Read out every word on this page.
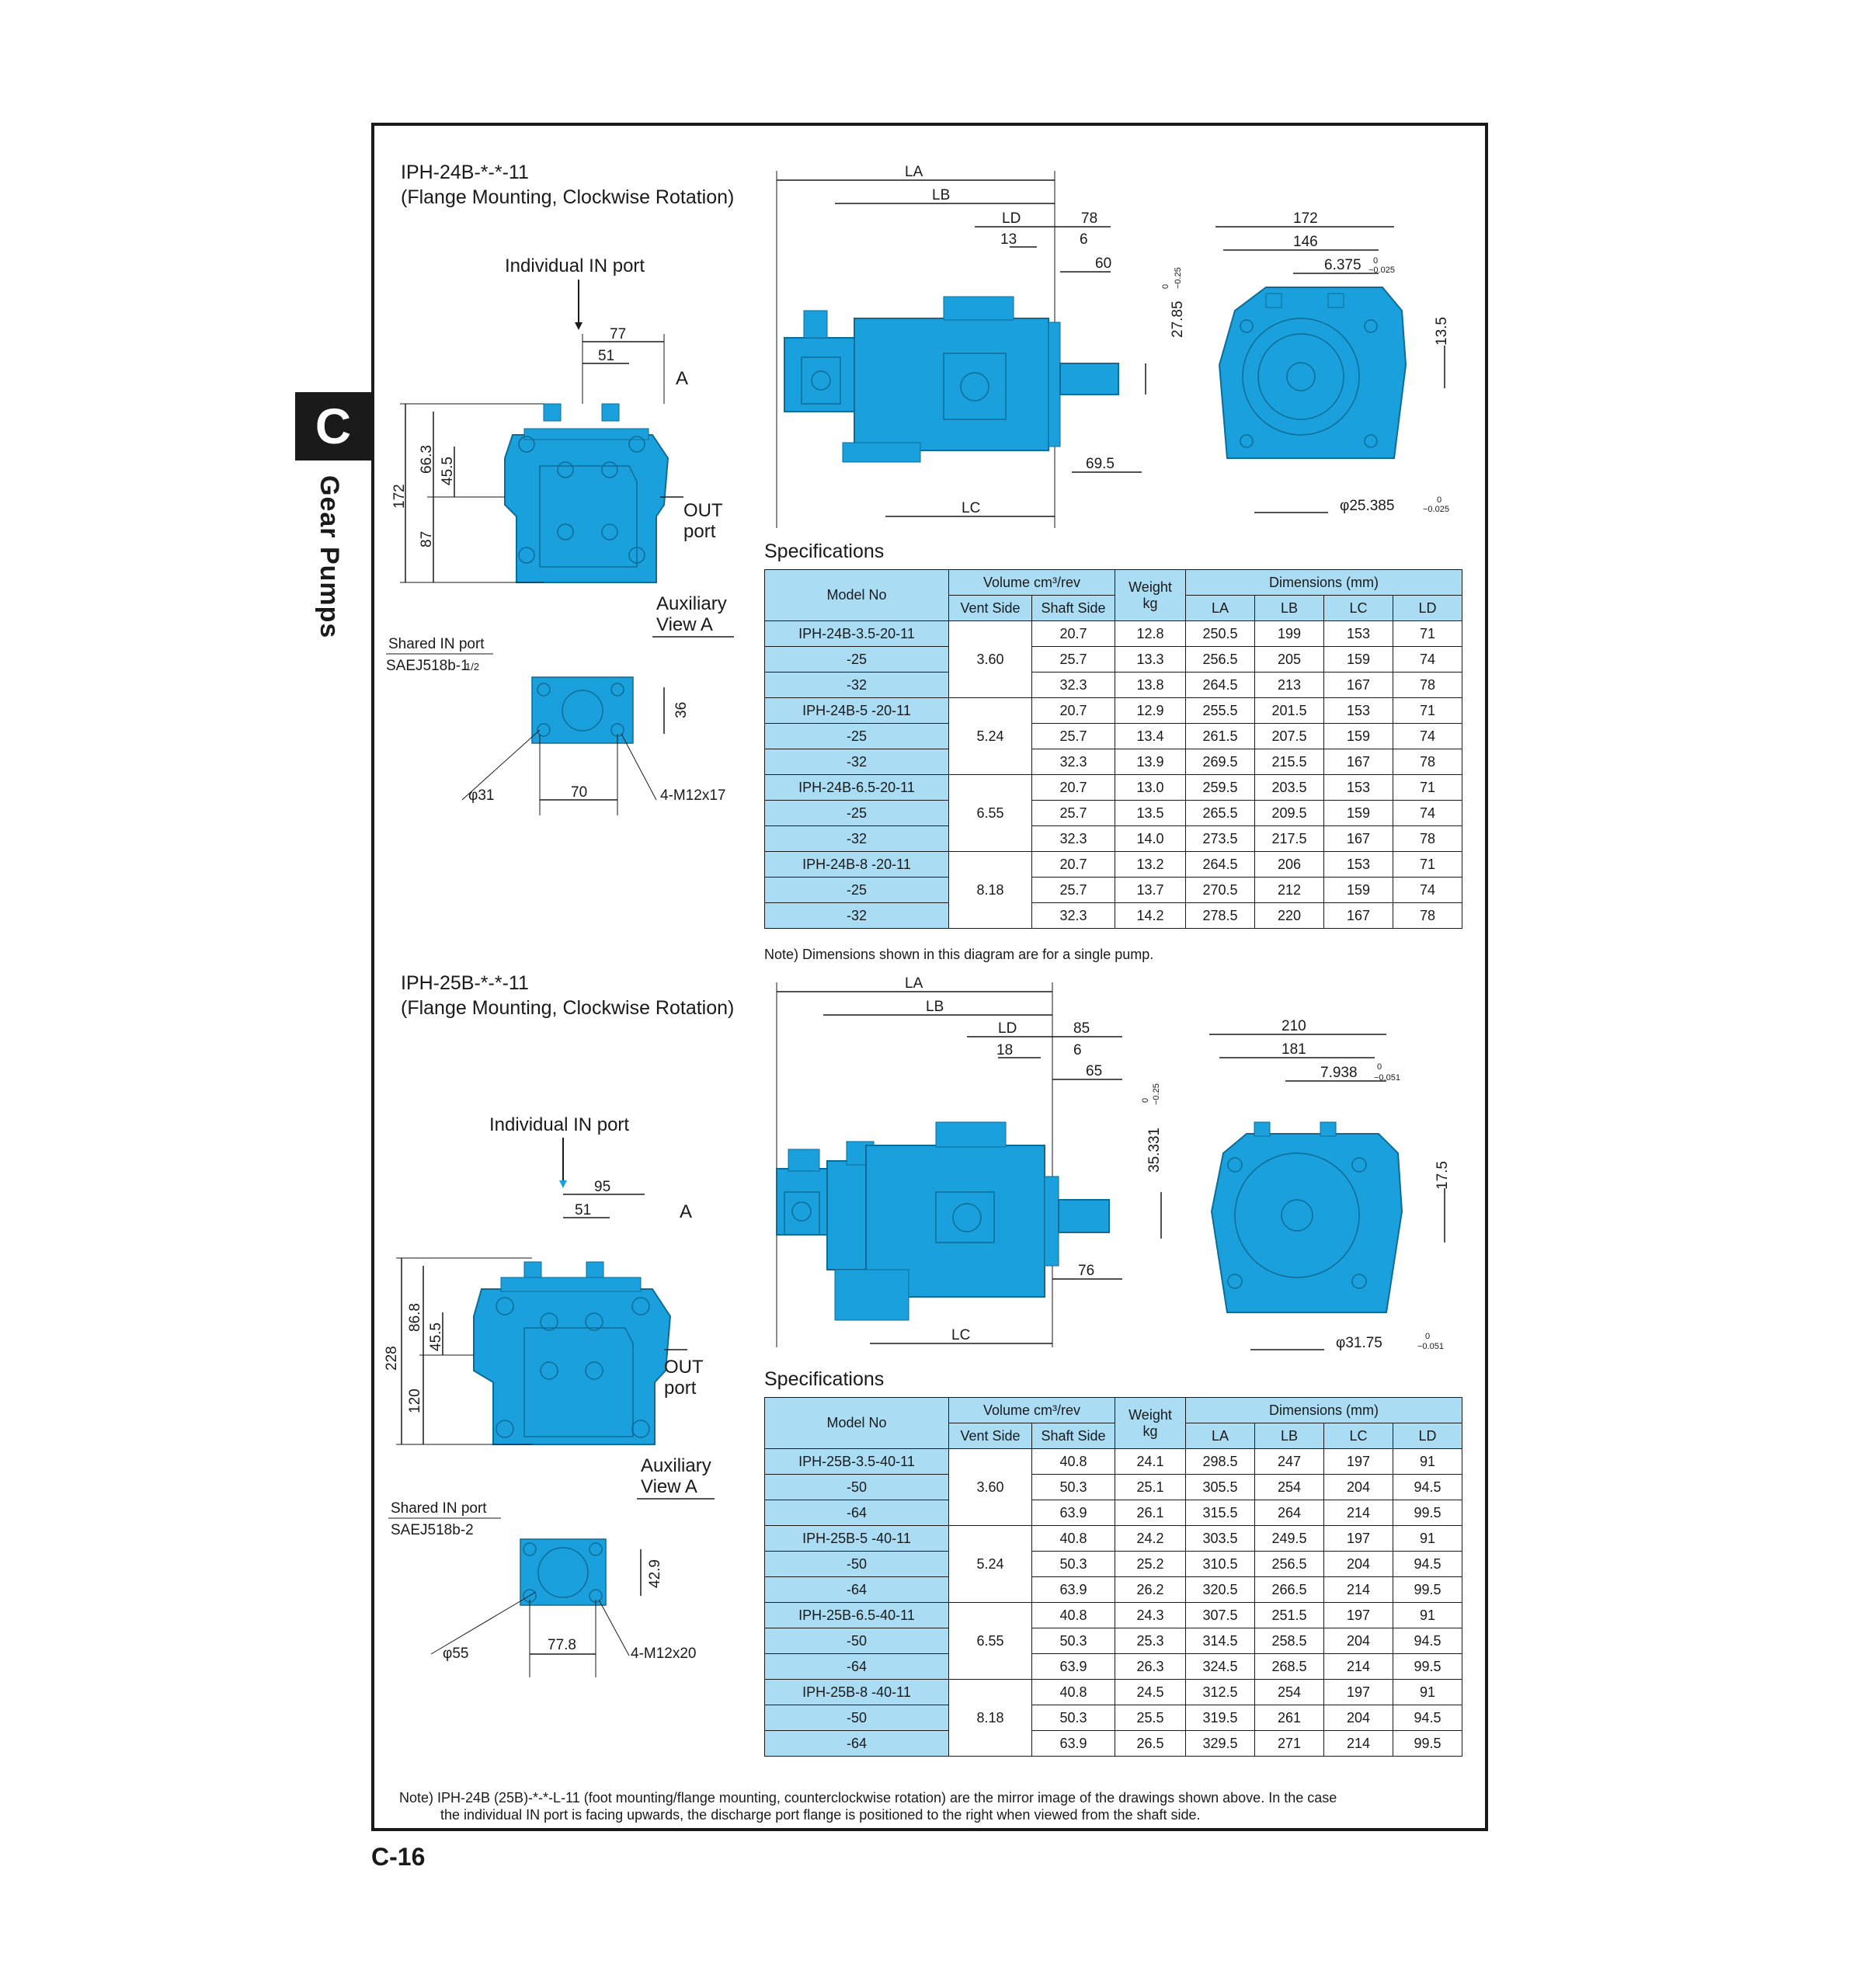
C
Gear Pumps
IPH-24B-*-*-11
(Flange Mounting, Clockwise Rotation)
Individual IN port
77
51
172
66.3 45.5
87
A
OUT
port
Auxiliary
View A
Shared IN port
SAEJ518b-1
1/2
36
φ31	70	4-M12x17
LA
LB
LD	78
13	6
60
27.85
0 −0.25
69.5
LC
172
146
6.375 0
−0.025
13.5
φ25.385	0
−0.025
Specifications
Model No	Volume cm³/rev		Weight
kg	Dimensions (mm)			
	Vent Side	Shaft Side		LA	LB	LC	LD
IPH-24B-3.5-20-11	3.60	20.7	12.8	250.5	199	153	71
-25		25.7	13.3	256.5	205	159	74
-32		32.3	13.8	264.5	213	167	78
IPH-24B-5 -20-11	5.24	20.7	12.9	255.5	201.5	153	71
-25		25.7	13.4	261.5	207.5	159	74
-32		32.3	13.9	269.5	215.5	167	78
IPH-24B-6.5-20-11	6.55	20.7	13.0	259.5	203.5	153	71
-25		25.7	13.5	265.5	209.5	159	74
-32		32.3	14.0	273.5	217.5	167	78
IPH-24B-8 -20-11	8.18	20.7	13.2	264.5	206	153	71
-25		25.7	13.7	270.5	212	159	74
-32		32.3	14.2	278.5	220	167	78
Note) Dimensions shown in this diagram are for a single pump.
IPH-25B-*-*-11
(Flange Mounting, Clockwise Rotation)
Individual IN port
95
51	A
228
86.8
45.5
120
OUT
port
Auxiliary
View A
Shared IN port
SAEJ518b-2
42.9
φ55
77.8
4-M12x20
LA
LB
LD	85
18	6
65
35.331
0 −0.25
76
LC
210
181
7.938 0
−0.051
17.5
φ31.75	0
−0.051
Specifications
Model No	Volume cm³/rev		Weight
kg	Dimensions (mm)			
	Vent Side	Shaft Side		LA	LB	LC	LD
IPH-25B-3.5-40-11	3.60	40.8	24.1	298.5	247	197	91
-50		50.3	25.1	305.5	254	204	94.5
-64		63.9	26.1	315.5	264	214	99.5
IPH-25B-5 -40-11	5.24	40.8	24.2	303.5	249.5	197	91
-50		50.3	25.2	310.5	256.5	204	94.5
-64		63.9	26.2	320.5	266.5	214	99.5
IPH-25B-6.5-40-11	6.55	40.8	24.3	307.5	251.5	197	91
-50		50.3	25.3	314.5	258.5	204	94.5
-64		63.9	26.3	324.5	268.5	214	99.5
IPH-25B-8 -40-11	8.18	40.8	24.5	312.5	254	197	91
-50		50.3	25.5	319.5	261	204	94.5
-64		63.9	26.5	329.5	271	214	99.5
Note) IPH-24B (25B)-*-*-L-11 (foot mounting/flange mounting, counterclockwise rotation) are the mirror image of the drawings shown above. In the case
the individual IN port is facing upwards, the discharge port flange is positioned to the right when viewed from the shaft side.
C-16
